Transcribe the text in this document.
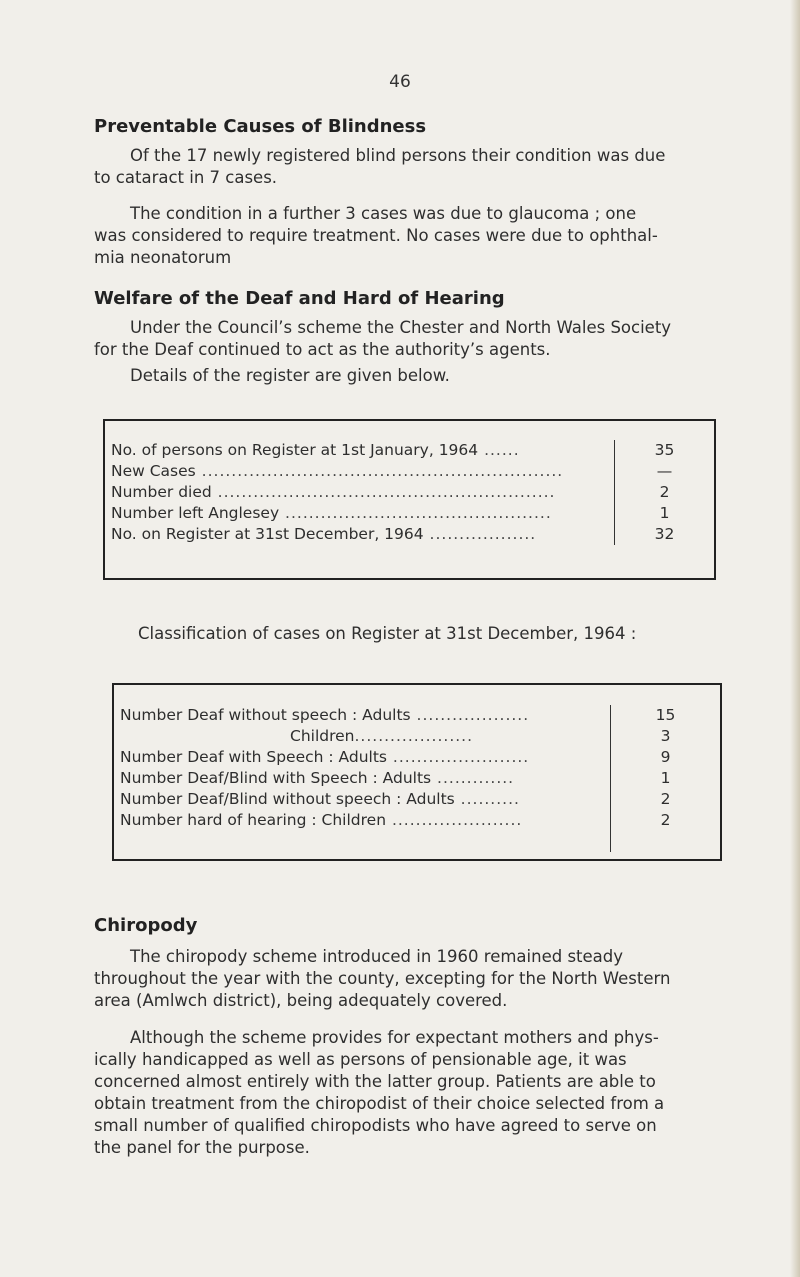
46
Preventable Causes of Blindness

Of the 17 newly registered blind persons their condition was due
to cataract in 7 cases.

The condition in a further 3 cases was due to glaucoma ; one
was considered to require treatment. No cases were due to ophthal-
mia neonatorum

Welfare of the Deaf and Hard of Hearing

Under the Council’s scheme the Chester and North Wales Society
for the Deaf continued to act as the authority’s agents.

Details of the register are given below.

No. of persons on Register at 1st January, 1964 ......	35
New Cases .............................................................	—
Number died .........................................................	2
Number left Anglesey .............................................	1
No. on Register at 31st December, 1964 ..................	32

Classification of cases on Register at 31st December, 1964 :

Number Deaf without speech : Adults ...................	15
Children....................	3
Number Deaf with Speech : Adults .......................	9
Number Deaf/Blind with Speech : Adults .............	1
Number Deaf/Blind without speech : Adults ..........	2
Number hard of hearing : Children ......................	2

Chiropody

The chiropody scheme introduced in 1960 remained steady
throughout the year with the county, excepting for the North Western
area (Amlwch district), being adequately covered.

Although the scheme provides for expectant mothers and phys-
ically handicapped as well as persons of pensionable age, it was
concerned almost entirely with the latter group. Patients are able to
obtain treatment from the chiropodist of their choice selected from a
small number of qualified chiropodists who have agreed to serve on
the panel for the purpose.
